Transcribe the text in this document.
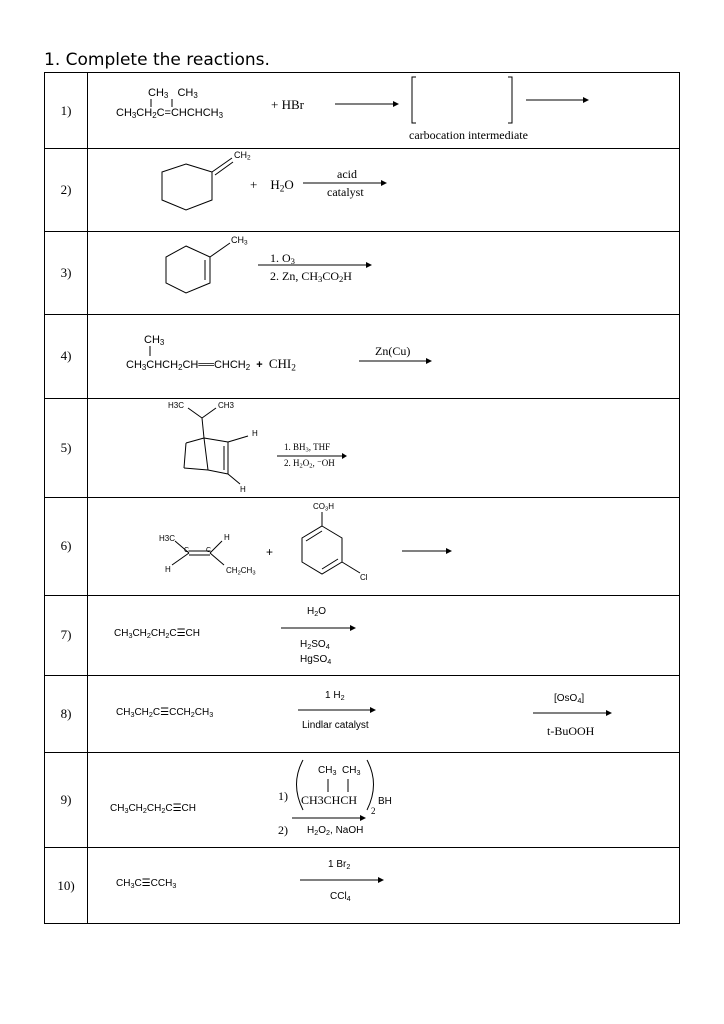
1. Complete the reactions.
1)
$CH_3$   $CH_3$
$CH_3CH_2C=CHCHCH_3$
+ HBr
carbocation intermediate
2)
$CH_2$
+    $H_2O$
acid
catalyst
3)
$CH_3$
1. $O_3$
2. Zn, $CH_3CO_2H$
4)
$CH_3$
$CH_3CHCH_2CH══CHCH_2 + CHI_2$
Zn(Cu)
5)
H3C	CH3
H
H
1. $BH_3$, THF
2. $H_2O_2$, ⁻OH
6)	H3C	H
H
C C
$CH_2CH_3$
+
$CO_3H$
Cl
7)	$CH_3CH_2CH_2C☰CH$
$H_2O$
$H_2SO_4$
HgSO$_4$
8)	$CH_3CH_2C☰CCH_2CH_3$
1 $H_2$
Lindlar catalyst
[OsO$_4$]
t-BuOOH
9)
$CH_3CH_2CH_2C☰CH$
1)
$CH_3$  $CH_3$
CH3CHCH BH
2
2) $H_2O_2$, NaOH
10)	$CH_3C☰CCH_3$
1 $Br_2$
CCl$_4$
